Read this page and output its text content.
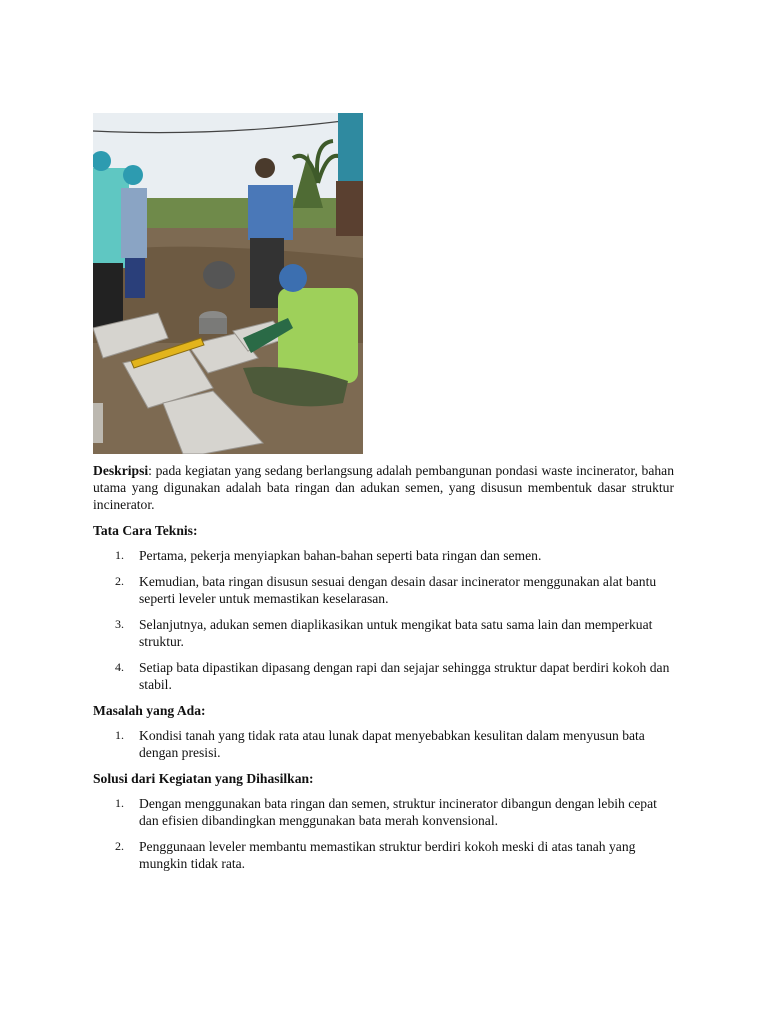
Deskripsi: pada kegiatan yang sedang berlangsung adalah pembangunan pondasi waste incinerator, bahan utama yang digunakan adalah bata ringan dan adukan semen, yang disusun membentuk dasar struktur incinerator.

Tata Cara Teknis:
1. Pertama, pekerja menyiapkan bahan-bahan seperti bata ringan dan semen.
2. Kemudian, bata ringan disusun sesuai dengan desain dasar incinerator menggunakan alat bantu seperti leveler untuk memastikan keselarasan.
3. Selanjutnya, adukan semen diaplikasikan untuk mengikat bata satu sama lain dan memperkuat struktur.
4. Setiap bata dipastikan dipasang dengan rapi dan sejajar sehingga struktur dapat berdiri kokoh dan stabil.
Masalah yang Ada:
1. Kondisi tanah yang tidak rata atau lunak dapat menyebabkan kesulitan dalam menyusun bata dengan presisi.
Solusi dari Kegiatan yang Dihasilkan:
1. Dengan menggunakan bata ringan dan semen, struktur incinerator dibangun dengan lebih cepat dan efisien dibandingkan menggunakan bata merah konvensional.
2. Penggunaan leveler membantu memastikan struktur berdiri kokoh meski di atas tanah yang mungkin tidak rata.
